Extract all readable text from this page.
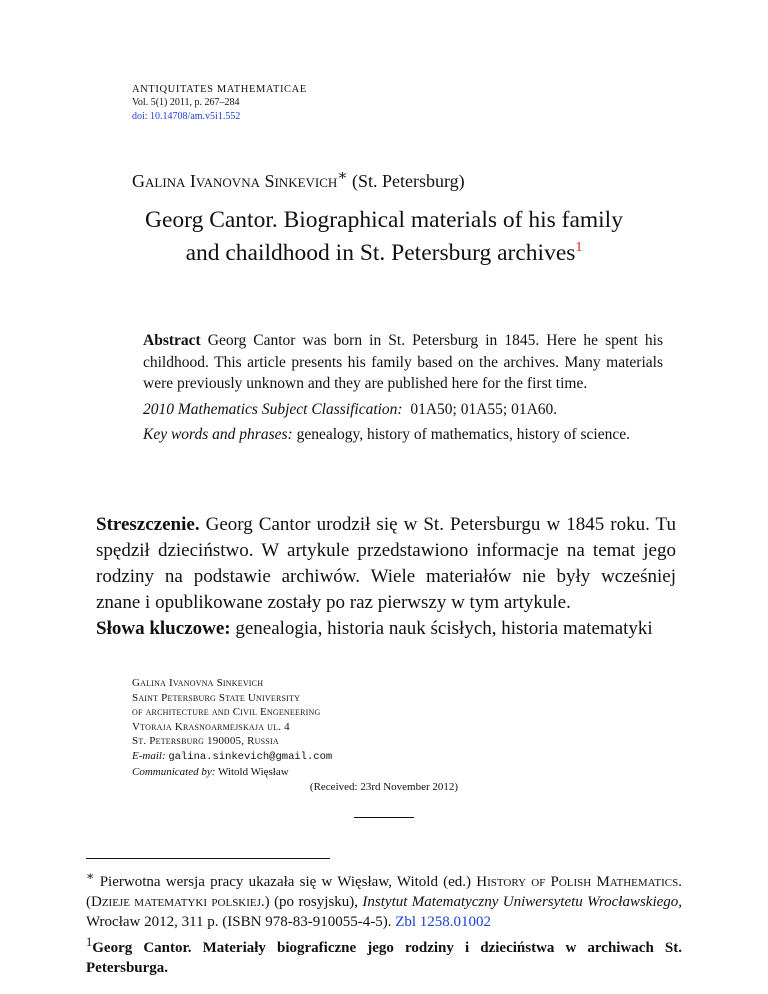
ANTIQUITATES MATHEMATICAE
Vol. 5(1) 2011, p. 267–284
doi: 10.14708/am.v5i1.552
Galina Ivanovna Sinkevich∗ (St. Petersburg)
Georg Cantor. Biographical materials of his family
and chaildhood in St. Petersburg archives$^1$

Abstract Georg Cantor was born in St. Petersburg in 1845. Here he spent his childhood. This article presents his family based on the archives. Many materials were previously unknown and they are published here for the first time.

2010 Mathematics Subject Classification: 01A50; 01A55; 01A60.

Key words and phrases: genealogy, history of mathematics, history of science.

Streszczenie. Georg Cantor urodził się w St. Petersburgu w 1845 roku. Tu spędził dzieciństwo. W artykule przedstawiono informacje na temat jego rodziny na podstawie archiwów. Wiele materiałów nie były wcześniej znane i opublikowane zostały po raz pierwszy w tym artykule.

Słowa kluczowe: genealogia, historia nauk ścisłych, historia matematyki

Galina Ivanovna Sinkevich
Saint Petersburg State University
of architecture and Civil Engeneering
Vtoraja Krasnoarmejskaja ul. 4
St. Petersburg 190005, Russia
E-mail: galina.sinkevich@gmail.com
Communicated by: Witold Więsław
(Received: 23rd November 2012)

∗ Pierwotna wersja pracy ukazała się w Więsław, Witold (ed.) History of Polish Mathematics. (Dzieje matematyki polskiej.) (po rosyjsku), Instytut Matematyczny Uniwersytetu Wrocławskiego, Wrocław 2012, 311 p. (ISBN 978-83-910055-4-5). Zbl 1258.01002

$^1$Georg Cantor. Materiały biograficzne jego rodziny i dzieciństwa w archiwach St. Petersburga.
